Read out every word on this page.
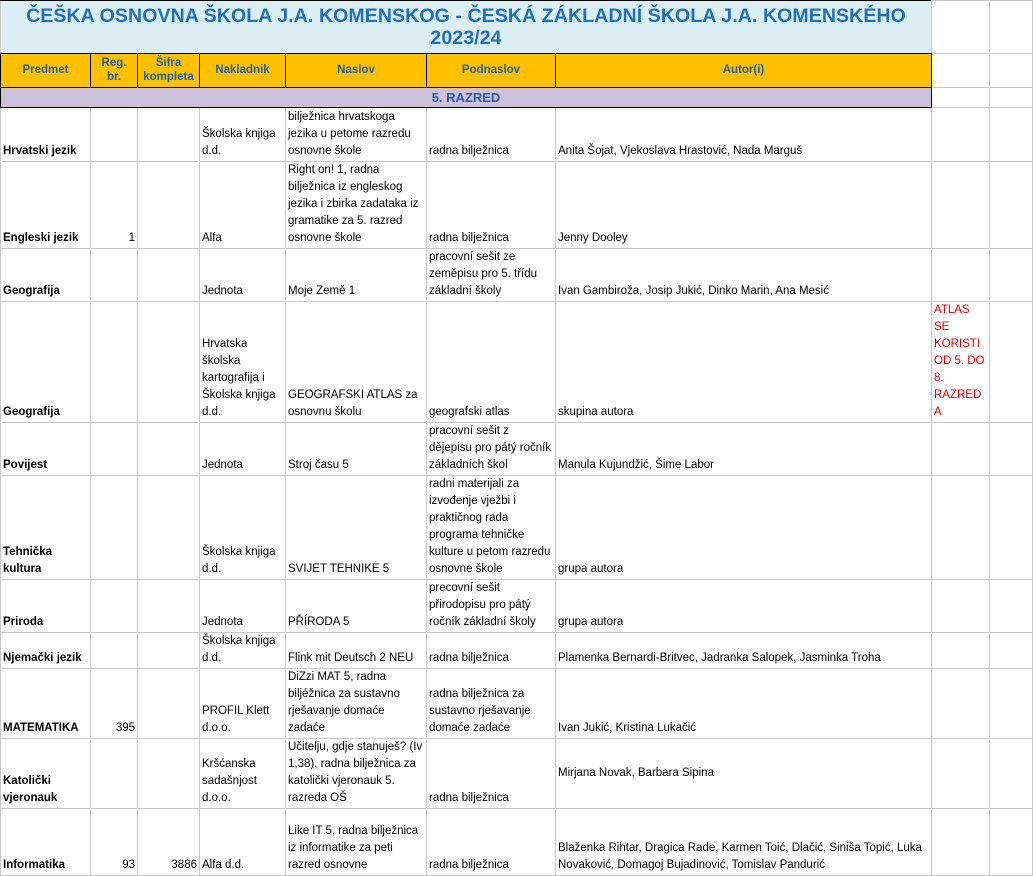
ČEŠKA OSNOVNA ŠKOLA J.A. KOMENSKOG - ČESKÁ ZÁKLADNÍ ŠKOLA J.A. KOMENSKÉHO 2023/24								
Predmet	Reg. br.	Šifra kompleta	Nakladnik	Naslov	Podnaslov	Autor(i)		
5. RAZRED								
Hrvatski jezik			Školska knjiga d.d.	bilježnica hrvatskoga jezika u petome razredu osnovne škole	radna bilježnica	Anita Šojat, Vjekoslava Hrastović, Nada Marguš		
Engleski jezik	1		Alfa	Right on! 1, radna bilježnica iz engleskog jezika i zbirka zadataka iz gramatike za 5. razred osnovne škole	radna bilježnica	Jenny Dooley		
Geografija			Jednota	Moje Země 1	pracovní sešit ze zeměpisu pro 5. třídu základní školy	Ivan Gambiroža, Josip Jukić, Dinko Marin, Ana Mesić		
Geografija			Hrvatska školska kartografija i Školska knjiga d.d.	GEOGRAFSKI ATLAS za osnovnu školu	geografski atlas	skupina autora	ATLAS SE KORISTI OD 5. DO 8. RAZREDA	
Povijest			Jednota	Stroj času 5	pracovní sešit z dějepisu pro pátý ročník základních škol	Manula Kujundžić, Šime Labor		
Tehnička kultura			Školska knjiga d.d.	SVIJET TEHNIKE 5	radni materijali za izvođenje vježbi i praktičnog rada programa tehničke kulture u petom razredu osnovne škole	grupa autora		
Priroda			Jednota	PŘÍRODA 5	precovní sešit přirodopisu pro pátý ročník základní školy	grupa autora		
Njemački jezik			Školska knjiga d.d.	Flink mit Deutsch 2 NEU	radna bilježnica	Plamenka Bernardi-Britvec, Jadranka Salopek, Jasminka Troha		
MATEMATIKA	395		PROFIL Klett d.o.o.	DiZzi MAT 5, radna biljéžnica za sustavno rješavanje domaće zadaće	radna bilježnica za sustavno rješavanje domaće zadaće	Ivan Jukić, Kristina Lukačić		
Katolički vjeronauk			Kršćanska sadašnjost d.o.o.	Učitelju, gdje stanuješ? (Iv 1,38), radna bilježnica za katolički vjeronauk 5. razreda OŠ	radna bilježnica	Mirjana Novak, Barbara Sipina		
Informatika	93	3886	Alfa d.d.	Like IT 5, radna bilježnica iz informatike za peti razred osnovne	radna bilježnica	Blaženka Rihtar, Dragica Rade, Karmen Toić, Dlačić, Siniša Topić, Luka Novaković, Domagoj Bujadinović, Tomislav Pandurić		
